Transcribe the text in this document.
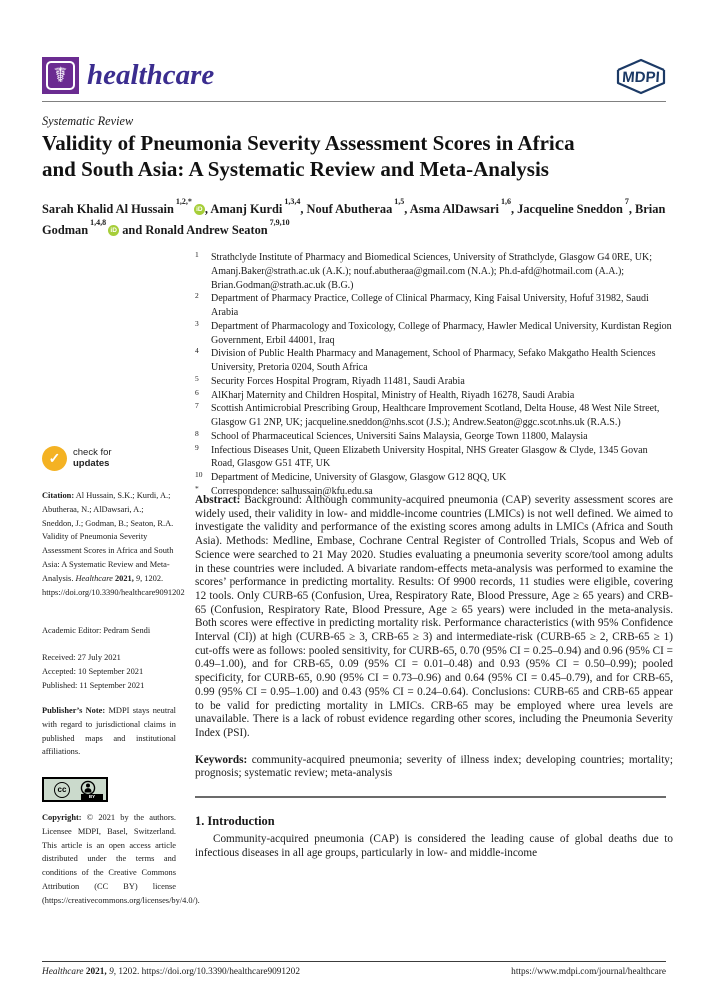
☤ healthcare	MDPI
Systematic Review
Validity of Pneumonia Severity Assessment Scores in Africa
and South Asia: A Systematic Review and Meta-Analysis
Sarah Khalid Al Hussain $^{1,2,*}$iD , Amanj Kurdi $^{1,3,4}$, Nouf Abutheraa $^{1,5}$, Asma AlDawsari $^{1,6}$, Jacqueline Sneddon $^7$, Brian Godman $^{1,4,8}$iD and Ronald Andrew Seaton $^{7,9,10}$
$^1$ Strathclyde Institute of Pharmacy and Biomedical Sciences, University of Strathclyde, Glasgow G4 0RE, UK; Amanj.Baker@strath.ac.uk (A.K.); nouf.abutheraa@gmail.com (N.A.); Ph.d-afd@hotmail.com (A.A.); Brian.Godman@strath.ac.uk (B.G.)
$^2$ Department of Pharmacy Practice, College of Clinical Pharmacy, King Faisal University, Hofuf 31982, Saudi Arabia
$^3$ Department of Pharmacology and Toxicology, College of Pharmacy, Hawler Medical University, Kurdistan Region Government, Erbil 44001, Iraq
$^4$ Division of Public Health Pharmacy and Management, School of Pharmacy, Sefako Makgatho Health Sciences University, Pretoria 0204, South Africa
$^5$ Security Forces Hospital Program, Riyadh 11481, Saudi Arabia
$^6$ AlKharj Maternity and Children Hospital, Ministry of Health, Riyadh 16278, Saudi Arabia
$^7$ Scottish Antimicrobial Prescribing Group, Healthcare Improvement Scotland, Delta House, 48 West Nile Street, Glasgow G1 2NP, UK; jacqueline.sneddon@nhs.scot (J.S.); Andrew.Seaton@ggc.scot.nhs.uk (R.A.S.)
$^8$ School of Pharmaceutical Sciences, Universiti Sains Malaysia, George Town 11800, Malaysia
$^9$ Infectious Diseases Unit, Queen Elizabeth University Hospital, NHS Greater Glasgow & Clyde, 1345 Govan Road, Glasgow G51 4TF, UK
$^{10}$ Department of Medicine, University of Glasgow, Glasgow G12 8QQ, UK
* Correspondence: salhussain@kfu.edu.sa
✓	check for
updates

Citation: Al Hussain, S.K.; Kurdi, A.; Abutheraa, N.; AlDawsari, A.; Sneddon, J.; Godman, B.; Seaton, R.A. Validity of Pneumonia Severity Assessment Scores in Africa and South Asia: A Systematic Review and Meta-Analysis. Healthcare 2021, 9, 1202. https://doi.org/10.3390/healthcare9091202

Academic Editor: Pedram Sendi

Received: 27 July 2021
Accepted: 10 September 2021
Published: 11 September 2021

Publisher’s Note: MDPI stays neutral with regard to jurisdictional claims in published maps and institutional affiliations.

cc
BY

Copyright: © 2021 by the authors. Licensee MDPI, Basel, Switzerland. This article is an open access article distributed under the terms and conditions of the Creative Commons Attribution (CC BY) license (https://creativecommons.org/licenses/by/4.0/).

Abstract: Background: Although community-acquired pneumonia (CAP) severity assessment scores are widely used, their validity in low- and middle-income countries (LMICs) is not well defined. We aimed to investigate the validity and performance of the existing scores among adults in LMICs (Africa and South Asia). Methods: Medline, Embase, Cochrane Central Register of Controlled Trials, Scopus and Web of Science were searched to 21 May 2020. Studies evaluating a pneumonia severity score/tool among adults in these countries were included. A bivariate random-effects meta-analysis was performed to examine the scores’ performance in predicting mortality. Results: Of 9900 records, 11 studies were eligible, covering 12 tools. Only CURB-65 (Confusion, Urea, Respiratory Rate, Blood Pressure, Age ≥ 65 years) and CRB-65 (Confusion, Respiratory Rate, Blood Pressure, Age ≥ 65 years) were included in the meta-analysis. Both scores were effective in predicting mortality risk. Performance characteristics (with 95% Confidence Interval (CI)) at high (CURB-65 ≥ 3, CRB-65 ≥ 3) and intermediate-risk (CURB-65 ≥ 2, CRB-65 ≥ 1) cut-offs were as follows: pooled sensitivity, for CURB-65, 0.70 (95% CI = 0.25–0.94) and 0.96 (95% CI = 0.49–1.00), and for CRB-65, 0.09 (95% CI = 0.01–0.48) and 0.93 (95% CI = 0.50–0.99); pooled specificity, for CURB-65, 0.90 (95% CI = 0.73–0.96) and 0.64 (95% CI = 0.45–0.79), and for CRB-65, 0.99 (95% CI = 0.95–1.00) and 0.43 (95% CI = 0.24–0.64). Conclusions: CURB-65 and CRB-65 appear to be valid for predicting mortality in LMICs. CRB-65 may be employed where urea levels are unavailable. There is a lack of robust evidence regarding other scores, including the Pneumonia Severity Index (PSI).

Keywords: community-acquired pneumonia; severity of illness index; developing countries; mortality; prognosis; systematic review; meta-analysis

1. Introduction

Community-acquired pneumonia (CAP) is considered the leading cause of global deaths due to infectious diseases in all age groups, particularly in low- and middle-income

Healthcare 2021, 9, 1202. https://doi.org/10.3390/healthcare9091202	https://www.mdpi.com/journal/healthcare
